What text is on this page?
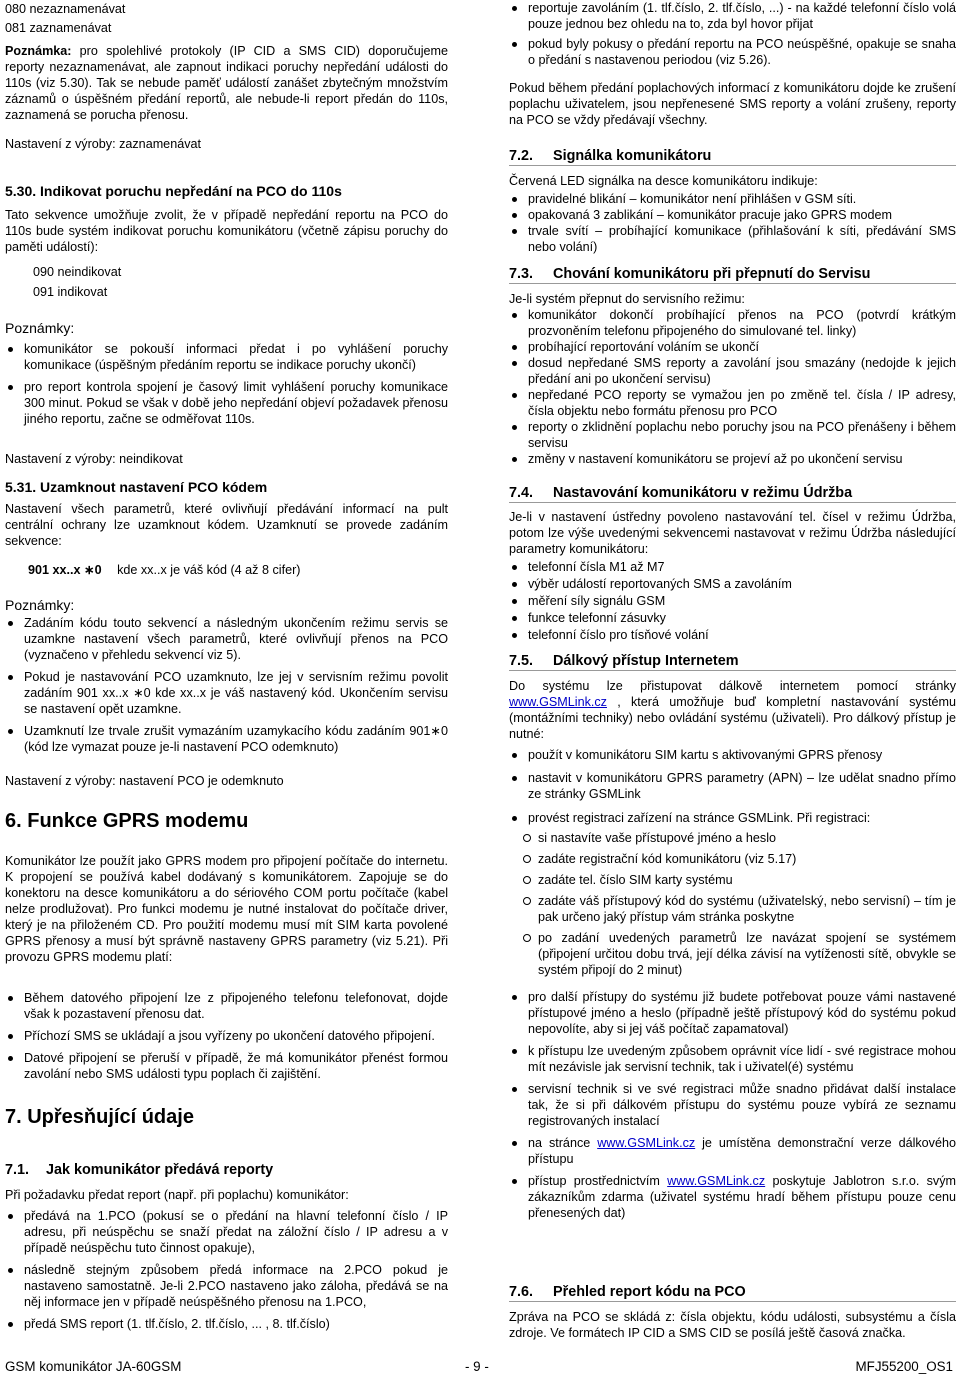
080 nezaznamenávat
081 zaznamenávat
Poznámka: pro spolehlivé protokoly (IP CID a SMS CID) doporučujeme reporty nezaznamenávat, ale zapnout indikaci poruchy nepředání události do 110s (viz 5.30). Tak se nebude paměť událostí zanášet zbytečným množstvím záznamů o úspěšném předání reportů, ale nebude-li report předán do 110s, zaznamená se porucha přenosu.
Nastavení z výroby: zaznamenávat
5.30. Indikovat poruchu nepředání na PCO do 110s
Tato sekvence umožňuje zvolit, že v případě nepředání reportu na PCO do 110s bude systém indikovat poruchu komunikátoru (včetně zápisu poruchy do paměti událostí):
090 neindikovat
091 indikovat
Poznámky:
komunikátor se pokouší informaci předat i po vyhlášení poruchy komunikace (úspěšným předáním reportu se indikace poruchy ukončí)
pro report kontrola spojení je časový limit vyhlášení poruchy komunikace 300 minut. Pokud se však v době jeho nepředání objeví požadavek přenosu jiného reportu, začne se odměřovat 110s.
Nastavení z výroby: neindikovat
5.31. Uzamknout nastavení PCO kódem
Nastavení všech parametrů, které ovlivňují předávání informací na pult centrální ochrany lze uzamknout kódem. Uzamknutí se provede zadáním sekvence:
901 xx..x ∗0 kde xx..x je váš kód (4 až 8 cifer)
Poznámky:
Zadáním kódu touto sekvencí a následným ukončením režimu servis se uzamkne nastavení všech parametrů, které ovlivňují přenos na PCO (vyznačeno v přehledu sekvencí viz 5).
Pokud je nastavování PCO uzamknuto, lze jej v servisním režimu povolit zadáním 901 xx..x ∗0 kde xx..x je váš nastavený kód. Ukončením servisu se nastavení opět uzamkne.
Uzamknutí lze trvale zrušit vymazáním uzamykacího kódu zadáním 901∗0 (kód lze vymazat pouze je-li nastavení PCO odemknuto)
Nastavení z výroby: nastavení PCO je odemknuto
6. Funkce GPRS modemu
Komunikátor lze použít jako GPRS modem pro připojení počítače do internetu. K propojení se používá kabel dodávaný s komunikátorem. Zapojuje se do konektoru na desce komunikátoru a do sériového COM portu počítače (kabel nelze prodlužovat). Pro funkci modemu je nutné instalovat do počítače driver, který je na přiloženém CD. Pro použití modemu musí mít SIM karta povolené GPRS přenosy a musí být správně nastaveny GPRS parametry (viz 5.21). Při provozu GPRS modemu platí:
Během datového připojení lze z připojeného telefonu telefonovat, dojde však k pozastavení přenosu dat.
Příchozí SMS se ukládají a jsou vyřízeny po ukončení datového připojení.
Datové připojení se přeruší v případě, že má komunikátor přenést formou zavolání nebo SMS události typu poplach či zajištění.
7. Upřesňující údaje
7.1.	Jak komunikátor předává reporty
Při požadavku předat report (např. při poplachu) komunikátor:
předává na 1.PCO (pokusí se o předání na hlavní telefonní číslo / IP adresu, při neúspěchu se snaží předat na záložní číslo / IP adresu a v případě neúspěchu tuto činnost opakuje),
následně stejným způsobem předá informace na 2.PCO pokud je nastaveno samostatně. Je-li 2.PCO nastaveno jako záloha, předává se na něj informace jen v případě neúspěšného přenosu na 1.PCO,
předá SMS report (1. tlf.číslo, 2. tlf.číslo, ... , 8. tlf.číslo)
reportuje zavoláním (1. tlf.číslo, 2. tlf.číslo, ...) - na každé telefonní číslo volá pouze jednou bez ohledu na to, zda byl hovor přijat
pokud byly pokusy o předání reportu na PCO neúspěšné, opakuje se snaha o předání s nastavenou periodou (viz 5.26).
Pokud během předání poplachových informací z komunikátoru dojde ke zrušení poplachu uživatelem, jsou nepřenesené SMS reporty a volání zrušeny, reporty na PCO se vždy předávají všechny.
7.2.	Signálka komunikátoru
Červená LED signálka na desce komunikátoru indikuje:
pravidelné blikání – komunikátor není přihlášen v GSM síti.
opakovaná 3 zablikání – komunikátor pracuje jako GPRS modem
trvale svítí – probíhající komunikace (přihlašování k síti, předávání SMS nebo volání)
7.3.	Chování komunikátoru při přepnutí do Servisu
Je-li systém přepnut do servisního režimu:
komunikátor dokončí probíhající přenos na PCO (potvrdí krátkým prozvoněním telefonu připojeného do simulované tel. linky)
probíhající reportování voláním se ukončí
dosud nepředané SMS reporty a zavolání jsou smazány (nedojde k jejich předání ani po ukončení servisu)
nepředané PCO reporty se vymažou jen po změně tel. čísla / IP adresy, čísla objektu nebo formátu přenosu pro PCO
reporty o zklidnění poplachu nebo poruchy jsou na PCO přenášeny i během servisu
změny v nastavení komunikátoru se projeví až po ukončení servisu
7.4.	Nastavování komunikátoru v režimu Údržba
Je-li v nastavení ústředny povoleno nastavování tel. čísel v režimu Údržba, potom lze výše uvedenými sekvencemi nastavovat v režimu Údržba následující parametry komunikátoru:
telefonní čísla M1 až M7
výběr událostí reportovaných SMS a zavoláním
měření síly signálu GSM
funkce telefonní zásuvky
telefonní číslo pro tísňové volání
7.5.	Dálkový přístup Internetem
Do systému lze přistupovat dálkově internetem pomocí stránky www.GSMLink.cz , která umožňuje buď kompletní nastavování systému (montážními techniky) nebo ovládání systému (uživateli). Pro dálkový přístup je nutné:
použít v komunikátoru SIM kartu s aktivovanými GPRS přenosy
nastavit v komunikátoru GPRS parametry (APN) – lze udělat snadno přímo ze stránky GSMLink
provést registraci zařízení na stránce GSMLink. Při registraci:
si nastavíte vaše přístupové jméno a heslo
zadáte registrační kód komunikátoru (viz 5.17)
zadáte tel. číslo SIM karty systému
zadáte váš přístupový kód do systému (uživatelský, nebo servisní) – tím je pak určeno jaký přístup vám stránka poskytne
po zadání uvedených parametrů lze navázat spojení se systémem (připojení určitou dobu trvá, její délka závisí na vytíženosti sítě, obvykle se systém připojí do 2 minut)
pro další přístupy do systému již budete potřebovat pouze vámi nastavené přístupové jméno a heslo (případně ještě přístupový kód do systému pokud nepovolíte, aby si jej váš počítač zapamatoval)
k přístupu lze uvedeným způsobem oprávnit více lidí - své registrace mohou mít nezávisle jak servisní technik, tak i uživatel(é) systému
servisní technik si ve své registraci může snadno přidávat další instalace tak, že si při dálkovém přístupu do systému pouze vybírá ze seznamu registrovaných instalací
na stránce www.GSMLink.cz je umístěna demonstrační verze dálkového přístupu
přístup prostřednictvím www.GSMLink.cz poskytuje Jablotron s.r.o. svým zákazníkům zdarma (uživatel systému hradí během přístupu pouze cenu přenesených dat)
7.6.	Přehled report kódu na PCO
Zpráva na PCO se skládá z: čísla objektu, kódu události, subsystému a čísla zdroje. Ve formátech IP CID a SMS CID se posílá ještě časová značka.
GSM komunikátor JA-60GSM	- 9 -	MFJ55200_OS1
